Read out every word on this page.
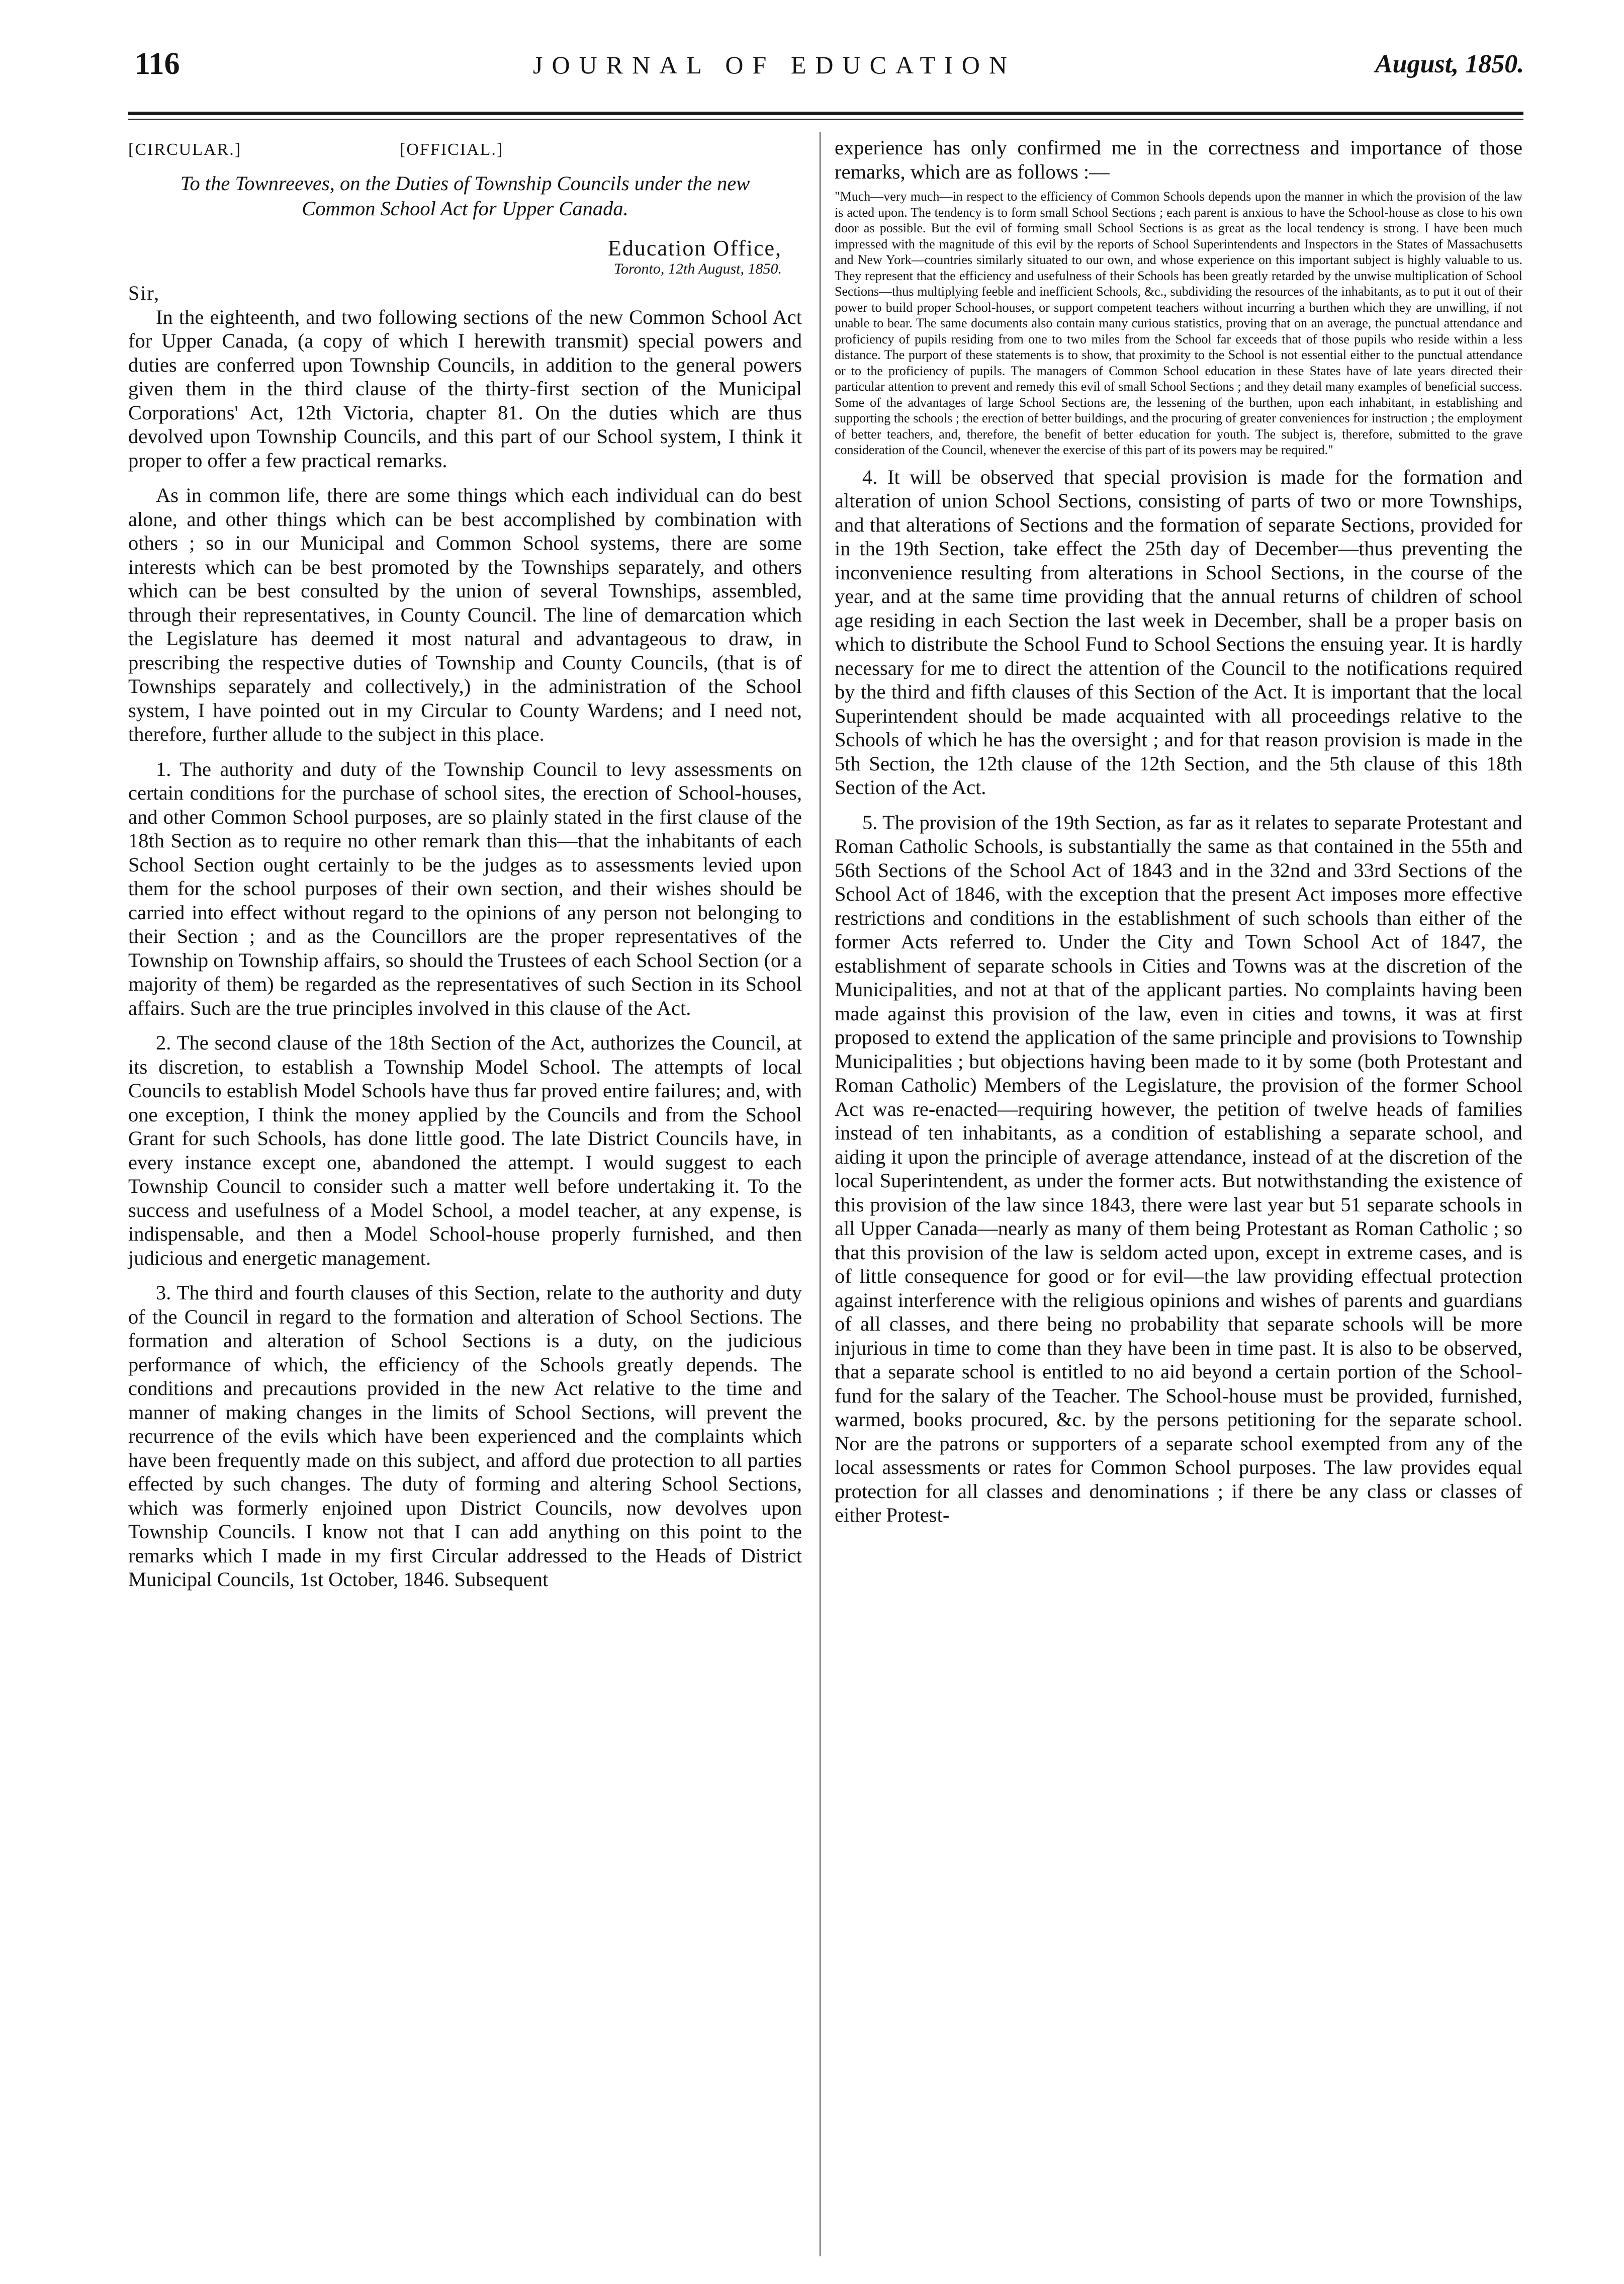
116	JOURNAL OF EDUCATION	August, 1850.
[CIRCULAR.]	[OFFICIAL.]
To the Townreeves, on the Duties of Township Councils under the new Common School Act for Upper Canada.
Education Office,
Toronto, 12th August, 1850.
Sir,

In the eighteenth, and two following sections of the new Common School Act for Upper Canada, (a copy of which I herewith transmit) special powers and duties are conferred upon Township Councils, in addition to the general powers given them in the third clause of the thirty-first section of the Municipal Corporations' Act, 12th Victoria, chapter 81. On the duties which are thus devolved upon Township Councils, and this part of our School system, I think it proper to offer a few practical remarks.

As in common life, there are some things which each individual can do best alone, and other things which can be best accomplished by combination with others ; so in our Municipal and Common School systems, there are some interests which can be best promoted by the Townships separately, and others which can be best consulted by the union of several Townships, assembled, through their representatives, in County Council. The line of demarcation which the Legislature has deemed it most natural and advantageous to draw, in prescribing the respective duties of Township and County Councils, (that is of Townships separately and collectively,) in the administration of the School system, I have pointed out in my Circular to County Wardens; and I need not, therefore, further allude to the subject in this place.

1. The authority and duty of the Township Council to levy assessments on certain conditions for the purchase of school sites, the erection of School-houses, and other Common School purposes, are so plainly stated in the first clause of the 18th Section as to require no other remark than this—that the inhabitants of each School Section ought certainly to be the judges as to assessments levied upon them for the school purposes of their own section, and their wishes should be carried into effect without regard to the opinions of any person not belonging to their Section ; and as the Councillors are the proper representatives of the Township on Township affairs, so should the Trustees of each School Section (or a majority of them) be regarded as the representatives of such Section in its School affairs. Such are the true principles involved in this clause of the Act.

2. The second clause of the 18th Section of the Act, authorizes the Council, at its discretion, to establish a Township Model School. The attempts of local Councils to establish Model Schools have thus far proved entire failures; and, with one exception, I think the money applied by the Councils and from the School Grant for such Schools, has done little good. The late District Councils have, in every instance except one, abandoned the attempt. I would suggest to each Township Council to consider such a matter well before undertaking it. To the success and usefulness of a Model School, a model teacher, at any expense, is indispensable, and then a Model School-house properly furnished, and then judicious and energetic management.

3. The third and fourth clauses of this Section, relate to the authority and duty of the Council in regard to the formation and alteration of School Sections. The formation and alteration of School Sections is a duty, on the judicious performance of which, the efficiency of the Schools greatly depends. The conditions and precautions provided in the new Act relative to the time and manner of making changes in the limits of School Sections, will prevent the recurrence of the evils which have been experienced and the complaints which have been frequently made on this subject, and afford due protection to all parties effected by such changes. The duty of forming and altering School Sections, which was formerly enjoined upon District Councils, now devolves upon Township Councils. I know not that I can add anything on this point to the remarks which I made in my first Circular addressed to the Heads of District Municipal Councils, 1st October, 1846. Subsequent

experience has only confirmed me in the correctness and importance of those remarks, which are as follows :—

"Much—very much—in respect to the efficiency of Common Schools depends upon the manner in which the provision of the law is acted upon. The tendency is to form small School Sections ; each parent is anxious to have the School-house as close to his own door as possible. But the evil of forming small School Sections is as great as the local tendency is strong. I have been much impressed with the magnitude of this evil by the reports of School Superintendents and Inspectors in the States of Massachusetts and New York—countries similarly situated to our own, and whose experience on this important subject is highly valuable to us. They represent that the efficiency and usefulness of their Schools has been greatly retarded by the unwise multiplication of School Sections—thus multiplying feeble and inefficient Schools, &c., subdividing the resources of the inhabitants, as to put it out of their power to build proper School-houses, or support competent teachers without incurring a burthen which they are unwilling, if not unable to bear. The same documents also contain many curious statistics, proving that on an average, the punctual attendance and proficiency of pupils residing from one to two miles from the School far exceeds that of those pupils who reside within a less distance. The purport of these statements is to show, that proximity to the School is not essential either to the punctual attendance or to the proficiency of pupils. The managers of Common School education in these States have of late years directed their particular attention to prevent and remedy this evil of small School Sections ; and they detail many examples of beneficial success. Some of the advantages of large School Sections are, the lessening of the burthen, upon each inhabitant, in establishing and supporting the schools ; the erection of better buildings, and the procuring of greater conveniences for instruction ; the employment of better teachers, and, therefore, the benefit of better education for youth. The subject is, therefore, submitted to the grave consideration of the Council, whenever the exercise of this part of its powers may be required."

4. It will be observed that special provision is made for the formation and alteration of union School Sections, consisting of parts of two or more Townships, and that alterations of Sections and the formation of separate Sections, provided for in the 19th Section, take effect the 25th day of December—thus preventing the inconvenience resulting from alterations in School Sections, in the course of the year, and at the same time providing that the annual returns of children of school age residing in each Section the last week in December, shall be a proper basis on which to distribute the School Fund to School Sections the ensuing year. It is hardly necessary for me to direct the attention of the Council to the notifications required by the third and fifth clauses of this Section of the Act. It is important that the local Superintendent should be made acquainted with all proceedings relative to the Schools of which he has the oversight ; and for that reason provision is made in the 5th Section, the 12th clause of the 12th Section, and the 5th clause of this 18th Section of the Act.

5. The provision of the 19th Section, as far as it relates to separate Protestant and Roman Catholic Schools, is substantially the same as that contained in the 55th and 56th Sections of the School Act of 1843 and in the 32nd and 33rd Sections of the School Act of 1846, with the exception that the present Act imposes more effective restrictions and conditions in the establishment of such schools than either of the former Acts referred to. Under the City and Town School Act of 1847, the establishment of separate schools in Cities and Towns was at the discretion of the Municipalities, and not at that of the applicant parties. No complaints having been made against this provision of the law, even in cities and towns, it was at first proposed to extend the application of the same principle and provisions to Township Municipalities ; but objections having been made to it by some (both Protestant and Roman Catholic) Members of the Legislature, the provision of the former School Act was re-enacted—requiring however, the petition of twelve heads of families instead of ten inhabitants, as a condition of establishing a separate school, and aiding it upon the principle of average attendance, instead of at the discretion of the local Superintendent, as under the former acts. But notwithstanding the existence of this provision of the law since 1843, there were last year but 51 separate schools in all Upper Canada—nearly as many of them being Protestant as Roman Catholic ; so that this provision of the law is seldom acted upon, except in extreme cases, and is of little consequence for good or for evil—the law providing effectual protection against interference with the religious opinions and wishes of parents and guardians of all classes, and there being no probability that separate schools will be more injurious in time to come than they have been in time past. It is also to be observed, that a separate school is entitled to no aid beyond a certain portion of the School-fund for the salary of the Teacher. The School-house must be provided, furnished, warmed, books procured, &c. by the persons petitioning for the separate school. Nor are the patrons or supporters of a separate school exempted from any of the local assessments or rates for Common School purposes. The law provides equal protection for all classes and denominations ; if there be any class or classes of either Protest-
